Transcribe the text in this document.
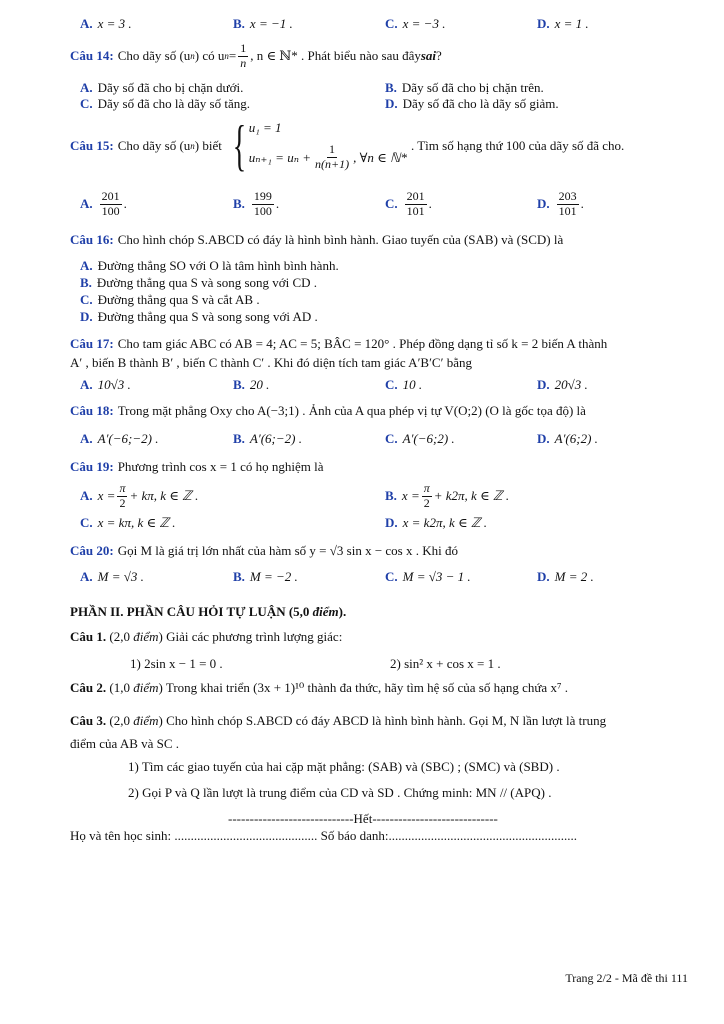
A. x = 3 .	B. x = −1 .	C. x = −3 .	D. x = 1 .
Câu 14: Cho dãy số (u n ) có u $n = \frac{1}{n}$ , n ∈ ℕ* . Phát biểu nào sau đây sai ?
A. Dãy số đã cho bị chặn dưới.	B. Dãy số đã cho bị chặn trên.
C. Dãy số đã cho là dãy số tăng.	D. Dãy số đã cho là dãy số giảm.
Câu 15: Cho dãy số (u n ) biết { u₁ = 1
$u_{n+1} = u_n + \frac{1}{n(n+1)}$ , ∀n ∈ ℕ*
. Tìm số hạng thứ 100 của dãy số đã cho.
A. $\frac{201}{100}$ .	B. $\frac{199}{100}$ .	C. $\frac{201}{101}$ .	D. $\frac{203}{101}$ .
Câu 16: Cho hình chóp S.ABCD có đáy là hình bình hành. Giao tuyến của (SAB) và (SCD) là
A. Đường thẳng SO với O là tâm hình bình hành.
B. Đường thẳng qua S và song song với CD .
C. Đường thẳng qua S và cắt AB .
D. Đường thẳng qua S và song song với AD .
Câu 17: Cho tam giác ABC có AB = 4; AC = 5; BÂC = 120° . Phép đồng dạng tỉ số k = 2 biến A thành
A′ , biến B thành B′ , biến C thành C′ . Khi đó diện tích tam giác A′B′C′ bằng
A. 10√3 .	B. 20 .	C. 10 .	D. 20√3 .
Câu 18: Trong mặt phẳng Oxy cho A(−3;1) . Ảnh của A qua phép vị tự V(O;2) (O là gốc tọa độ) là
A. A′(−6;−2) .	B. A′(6;−2) .	C. A′(−6;2) .	D. A′(6;2) .
Câu 19: Phương trình cos x = 1 có họ nghiệm là
A. $x = \frac{\pi}{2} + k\pi$, k ∈ ℤ .	B. $x = \frac{\pi}{2} + k2\pi$, k ∈ ℤ .
C. x = kπ, k ∈ ℤ .	D. x = k2π, k ∈ ℤ .
Câu 20: Gọi M là giá trị lớn nhất của hàm số y = √3 sin x − cos x . Khi đó
A. M = √3 .	B. M = −2 .	C. M = √3 − 1 .	D. M = 2 .
PHẦN II. PHẦN CÂU HỎI TỰ LUẬN (5,0 điểm).
Câu 1. (2,0 điểm) Giải các phương trình lượng giác:
1) 2sin x − 1 = 0 .	2) sin² x + cos x = 1 .
Câu 2. (1,0 điểm) Trong khai triển (3x + 1)¹⁰ thành đa thức, hãy tìm hệ số của số hạng chứa x⁷ .
Câu 3. (2,0 điểm) Cho hình chóp S.ABCD có đáy ABCD là hình bình hành. Gọi M, N lần lượt là trung
điểm của AB và SC .
1) Tìm các giao tuyến của hai cặp mặt phẳng: (SAB) và (SBC) ; (SMC) và (SBD) .
2) Gọi P và Q lần lượt là trung điểm của CD và SD . Chứng minh: MN // (APQ) .
-----------------------------Hết-----------------------------
Họ và tên học sinh: ............................................ Số báo danh:..........................................................
Trang 2/2 - Mã đề thi 111
